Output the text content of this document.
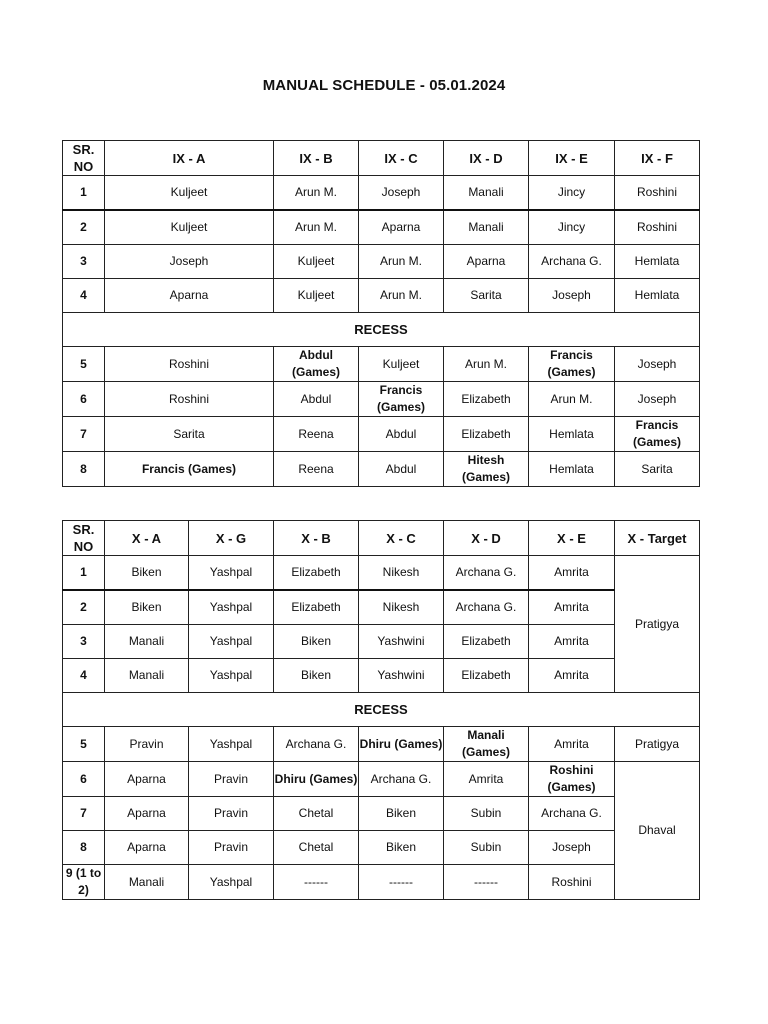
MANUAL SCHEDULE - 05.01.2024
SR. NO	IX - A	IX - B	IX - C	IX - D	IX - E	IX - F
1	Kuljeet	Arun M.	Joseph	Manali	Jincy	Roshini
2	Kuljeet	Arun M.	Aparna	Manali	Jincy	Roshini
3	Joseph	Kuljeet	Arun M.	Aparna	Archana G.	Hemlata
4	Aparna	Kuljeet	Arun M.	Sarita	Joseph	Hemlata
RECESS						
5	Roshini	Abdul (Games)	Kuljeet	Arun M.	Francis (Games)	Joseph
6	Roshini	Abdul	Francis (Games)	Elizabeth	Arun M.	Joseph
7	Sarita	Reena	Abdul	Elizabeth	Hemlata	Francis (Games)
8	Francis (Games)	Reena	Abdul	Hitesh (Games)	Hemlata	Sarita
SR. NO	X - A	X - G	X - B	X - C	X - D	X - E	X - Target
1	Biken	Yashpal	Elizabeth	Nikesh	Archana G.	Amrita	Pratigya
2	Biken	Yashpal	Elizabeth	Nikesh	Archana G.	Amrita	
3	Manali	Yashpal	Biken	Yashwini	Elizabeth	Amrita	
4	Manali	Yashpal	Biken	Yashwini	Elizabeth	Amrita	
RECESS							
5	Pravin	Yashpal	Archana G.	Dhiru (Games)	Manali (Games)	Amrita	Pratigya
6	Aparna	Pravin	Dhiru (Games)	Archana G.	Amrita	Roshini (Games)	Dhaval
7	Aparna	Pravin	Chetal	Biken	Subin	Archana G.	
8	Aparna	Pravin	Chetal	Biken	Subin	Joseph	
9 (1 to 2)	Manali	Yashpal	------	------	------	Roshini	
